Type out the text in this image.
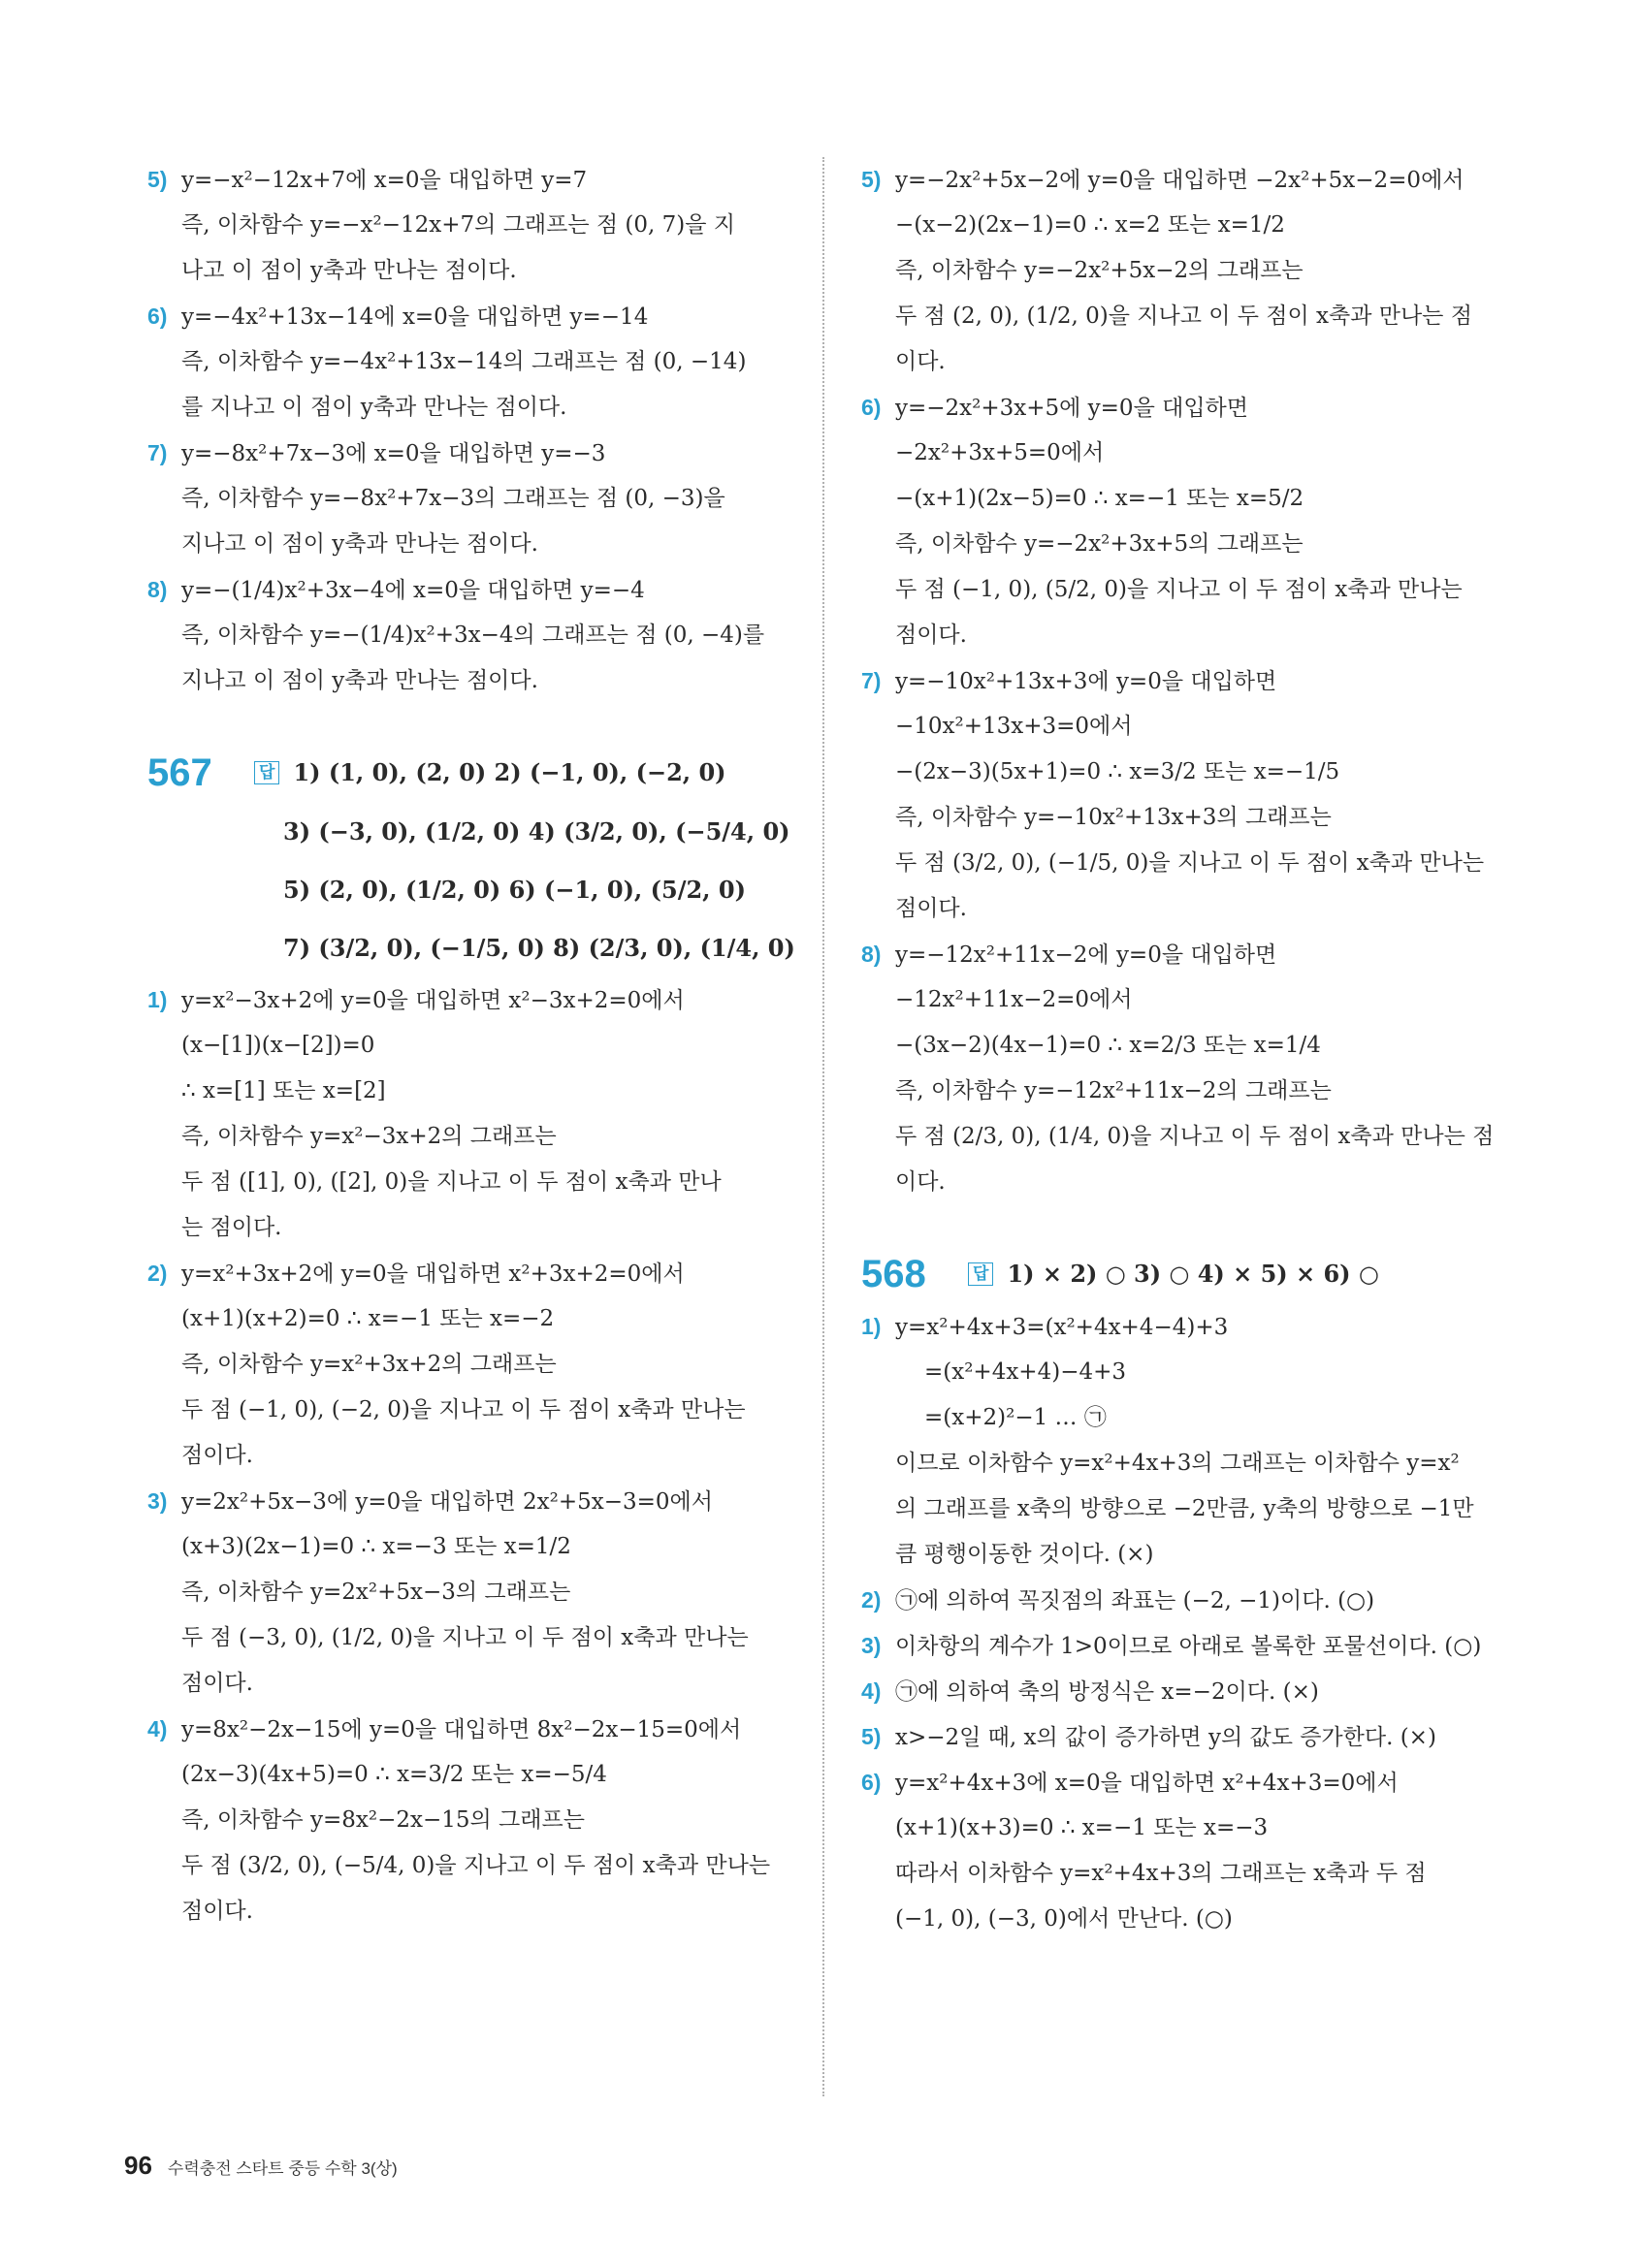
5) y=−x²−12x+7에 x=0을 대입하면 y=7
즉, 이차함수 y=−x²−12x+7의 그래프는 점 (0, 7)을 지
나고 이 점이 y축과 만나는 점이다.
6) y=−4x²+13x−14에 x=0을 대입하면 y=−14
즉, 이차함수 y=−4x²+13x−14의 그래프는 점 (0, −14)
를 지나고 이 점이 y축과 만나는 점이다.
7) y=−8x²+7x−3에 x=0을 대입하면 y=−3
즉, 이차함수 y=−8x²+7x−3의 그래프는 점 (0, −3)을
지나고 이 점이 y축과 만나는 점이다.
8) y=−(1/4)x²+3x−4에 x=0을 대입하면 y=−4
즉, 이차함수 y=−(1/4)x²+3x−4의 그래프는 점 (0, −4)를
지나고 이 점이 y축과 만나는 점이다.
567	답 1) (1, 0), (2, 0) 2) (−1, 0), (−2, 0)
3) (−3, 0), (1/2, 0) 4) (3/2, 0), (−5/4, 0)
5) (2, 0), (1/2, 0) 6) (−1, 0), (5/2, 0)
7) (3/2, 0), (−1/5, 0) 8) (2/3, 0), (1/4, 0)
1) y=x²−3x+2에 y=0을 대입하면 x²−3x+2=0에서
(x−[1])(x−[2])=0
∴ x=[1] 또는 x=[2]
즉, 이차함수 y=x²−3x+2의 그래프는
두 점 ([1], 0), ([2], 0)을 지나고 이 두 점이 x축과 만나
는 점이다.
2) y=x²+3x+2에 y=0을 대입하면 x²+3x+2=0에서
(x+1)(x+2)=0 ∴ x=−1 또는 x=−2
즉, 이차함수 y=x²+3x+2의 그래프는
두 점 (−1, 0), (−2, 0)을 지나고 이 두 점이 x축과 만나는
점이다.
3) y=2x²+5x−3에 y=0을 대입하면 2x²+5x−3=0에서
(x+3)(2x−1)=0 ∴ x=−3 또는 x=1/2
즉, 이차함수 y=2x²+5x−3의 그래프는
두 점 (−3, 0), (1/2, 0)을 지나고 이 두 점이 x축과 만나는
점이다.
4) y=8x²−2x−15에 y=0을 대입하면 8x²−2x−15=0에서
(2x−3)(4x+5)=0 ∴ x=3/2 또는 x=−5/4
즉, 이차함수 y=8x²−2x−15의 그래프는
두 점 (3/2, 0), (−5/4, 0)을 지나고 이 두 점이 x축과 만나는
점이다.
5) y=−2x²+5x−2에 y=0을 대입하면 −2x²+5x−2=0에서
−(x−2)(2x−1)=0 ∴ x=2 또는 x=1/2
즉, 이차함수 y=−2x²+5x−2의 그래프는
두 점 (2, 0), (1/2, 0)을 지나고 이 두 점이 x축과 만나는 점
이다.
6) y=−2x²+3x+5에 y=0을 대입하면
−2x²+3x+5=0에서
−(x+1)(2x−5)=0 ∴ x=−1 또는 x=5/2
즉, 이차함수 y=−2x²+3x+5의 그래프는
두 점 (−1, 0), (5/2, 0)을 지나고 이 두 점이 x축과 만나는
점이다.
7) y=−10x²+13x+3에 y=0을 대입하면
−10x²+13x+3=0에서
−(2x−3)(5x+1)=0 ∴ x=3/2 또는 x=−1/5
즉, 이차함수 y=−10x²+13x+3의 그래프는
두 점 (3/2, 0), (−1/5, 0)을 지나고 이 두 점이 x축과 만나는
점이다.
8) y=−12x²+11x−2에 y=0을 대입하면
−12x²+11x−2=0에서
−(3x−2)(4x−1)=0 ∴ x=2/3 또는 x=1/4
즉, 이차함수 y=−12x²+11x−2의 그래프는
두 점 (2/3, 0), (1/4, 0)을 지나고 이 두 점이 x축과 만나는 점
이다.
568	답 1) × 2) ○ 3) ○ 4) × 5) × 6) ○
1) y=x²+4x+3=(x²+4x+4−4)+3
=(x²+4x+4)−4+3
=(x+2)²−1 … ㉠
이므로 이차함수 y=x²+4x+3의 그래프는 이차함수 y=x²
의 그래프를 x축의 방향으로 −2만큼, y축의 방향으로 −1만
큼 평행이동한 것이다. (×)
2) ㉠에 의하여 꼭짓점의 좌표는 (−2, −1)이다. (○)
3) 이차항의 계수가 1>0이므로 아래로 볼록한 포물선이다. (○)
4) ㉠에 의하여 축의 방정식은 x=−2이다. (×)
5) x>−2일 때, x의 값이 증가하면 y의 값도 증가한다. (×)
6) y=x²+4x+3에 x=0을 대입하면 x²+4x+3=0에서
(x+1)(x+3)=0 ∴ x=−1 또는 x=−3
따라서 이차함수 y=x²+4x+3의 그래프는 x축과 두 점
(−1, 0), (−3, 0)에서 만난다. (○)
96 수력충전 스타트 중등 수학 3(상)
